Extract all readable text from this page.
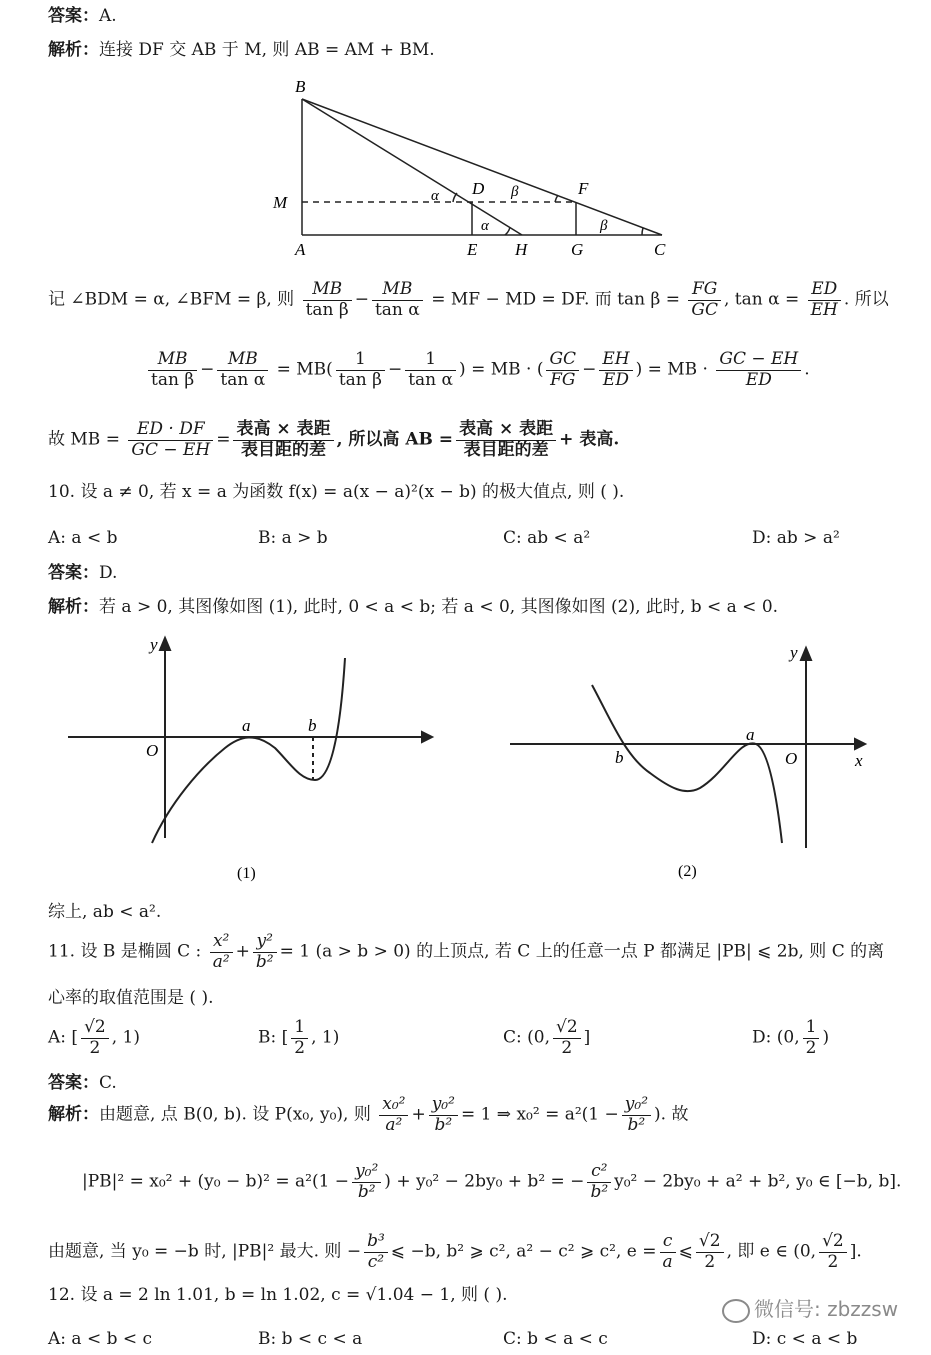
答案：A.
解析：连接 DF 交 AB 于 M, 则 AB = AM + BM.
B
M
A
D	F
E H	G	C
α
α
β
β
记 ∠BDM = α, ∠BFM = β, 则 $\frac{MB}{\text{tan β}} - \frac{MB}{\text{tan α}}$ = MF − MD = DF. 而 $\tan \beta = \frac{FG}{GC}$ , $\tan \alpha = \frac{ED}{EH}$ . 所以
$\frac{MB}{\text{tan β}} - \frac{MB}{\text{tan α}} = MB( \frac{1}{\text{tan β}} - \frac{1}{\text{tan α}}$ ) = MB · ( $\frac{GC}{FG} - \frac{EH}{ED}$ ) = MB · $\frac{GC - EH}{ED}$ .
故 MB = $\frac{ED \cdot DF}{GC - EH} = \frac{\text{表高 × 表距}}{\text{表目距的差}}$ , 所以高 AB = $\frac{\text{表高 × 表距}}{\text{表目距的差}}$ + 表高.
10. 设 a ≠ 0, 若 x = a 为函数 f(x) = a(x − a)²(x − b) 的极大值点, 则 ( ).
A: a < b	B: a > b	C: ab < a²	D: ab > a²
答案：D.
解析：若 a > 0, 其图像如图 (1), 此时, 0 < a < b; 若 a < 0, 其图像如图 (2), 此时, b < a < 0.
y
O
a	b
(1)
y
O
a
b	x
(2)
综上, ab < a².
11. 设 B 是椭圆 C : $\frac{\text{x²}}{\text{a²}} + \frac{\text{y²}}{\text{b²}} = 1$ (a > b > 0) 的上顶点, 若 C 上的任意一点 P 都满足 |PB| ⩽ 2b, 则 C 的离
心率的取值范围是 ( ).
A: [ $\frac{√2}{2}$ , 1)	B: [ $\frac{1}{2}$ , 1)	C: (0, $\frac{√2}{2}$ ]	D: (0, $\frac{1}{2}$ )
答案：C.
解析：由题意, 点 B(0, b). 设 P(x₀, y₀), 则 $\frac{\text{x₀²}}{\text{a²}} + \frac{\text{y₀²}}{\text{b²}} = 1$ ⇒ $x_0^2 = a^2(1 - \frac{\text{y₀²}}{\text{b²}}$ ). 故
$|PB|^2 = x_0^2 + (y_0 - b)^2 = a^2(1 - \frac{\text{y₀²}}{\text{b²}}$ ) + y₀² − 2by₀ + b² = − $\frac{\text{c²}}{\text{b²}} y_0^2 - 2by_0 + a^2 + b^2$, y₀ ∈ [−b, b].
由题意, 当 y₀ = −b 时, |PB|² 最大. 则 − $\frac{\text{b³}}{\text{c²}}$ ⩽ −b, b² ⩾ c², a² − c² ⩾ c², $e = \frac{c}{a}$ ⩽ $\frac{√2}{2}$ , 即 e ∈ (0, $\frac{√2}{2}$ ].
12. 设 a = 2 ln 1.01, b = ln 1.02, c = √1.04 − 1, 则 ( ).
A: a < b < c	B: b < c < a	C: b < a < c	D: c < a < b
微信号: zbzzsw
